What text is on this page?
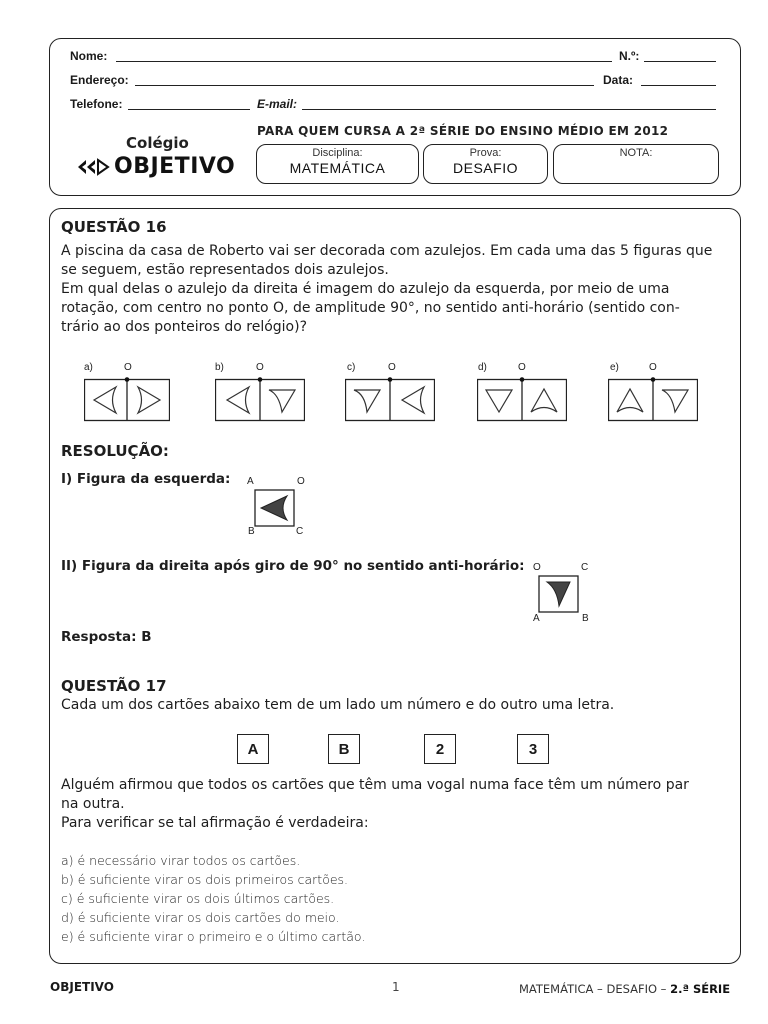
Nome:	N.º:
Endereço:	Data:
Telefone:	E-mail:
Colégio
OBJETIVO
PARA QUEM CURSA A 2ª SÉRIE DO ENSINO MÉDIO EM 2012
Disciplina:
MATEMÁTICA
Prova:
DESAFIO
NOTA:
QUESTÃO 16
A piscina da casa de Roberto vai ser decorada com azulejos. Em cada uma das 5 figuras que
se seguem, estão representados dois azulejos.
Em qual delas o azulejo da direita é imagem do azulejo da esquerda, por meio de uma
rotação, com centro no ponto O, de amplitude 90°, no sentido anti-horário (sentido con-
trário ao dos ponteiros do relógio)?
a)	O	b)	O	c)	O	d)	O	e)	O
RESOLUÇÃO:
I) Figura da esquerda: A	O
B	C
II) Figura da direita após giro de 90° no sentido anti-horário: O	C
A	B
Resposta: B
QUESTÃO 17
Cada um dos cartões abaixo tem de um lado um número e do outro uma letra.
A	B	2	3
Alguém afirmou que todos os cartões que têm uma vogal numa face têm um número par
na outra.
Para verificar se tal afirmação é verdadeira:
a) é necessário virar todos os cartões.
b) é suficiente virar os dois primeiros cartões.
c) é suficiente virar os dois últimos cartões.
d) é suficiente virar os dois cartões do meio.
e) é suficiente virar o primeiro e o último cartão.
OBJETIVO	1	MATEMÁTICA – DESAFIO – 2.ª SÉRIE
